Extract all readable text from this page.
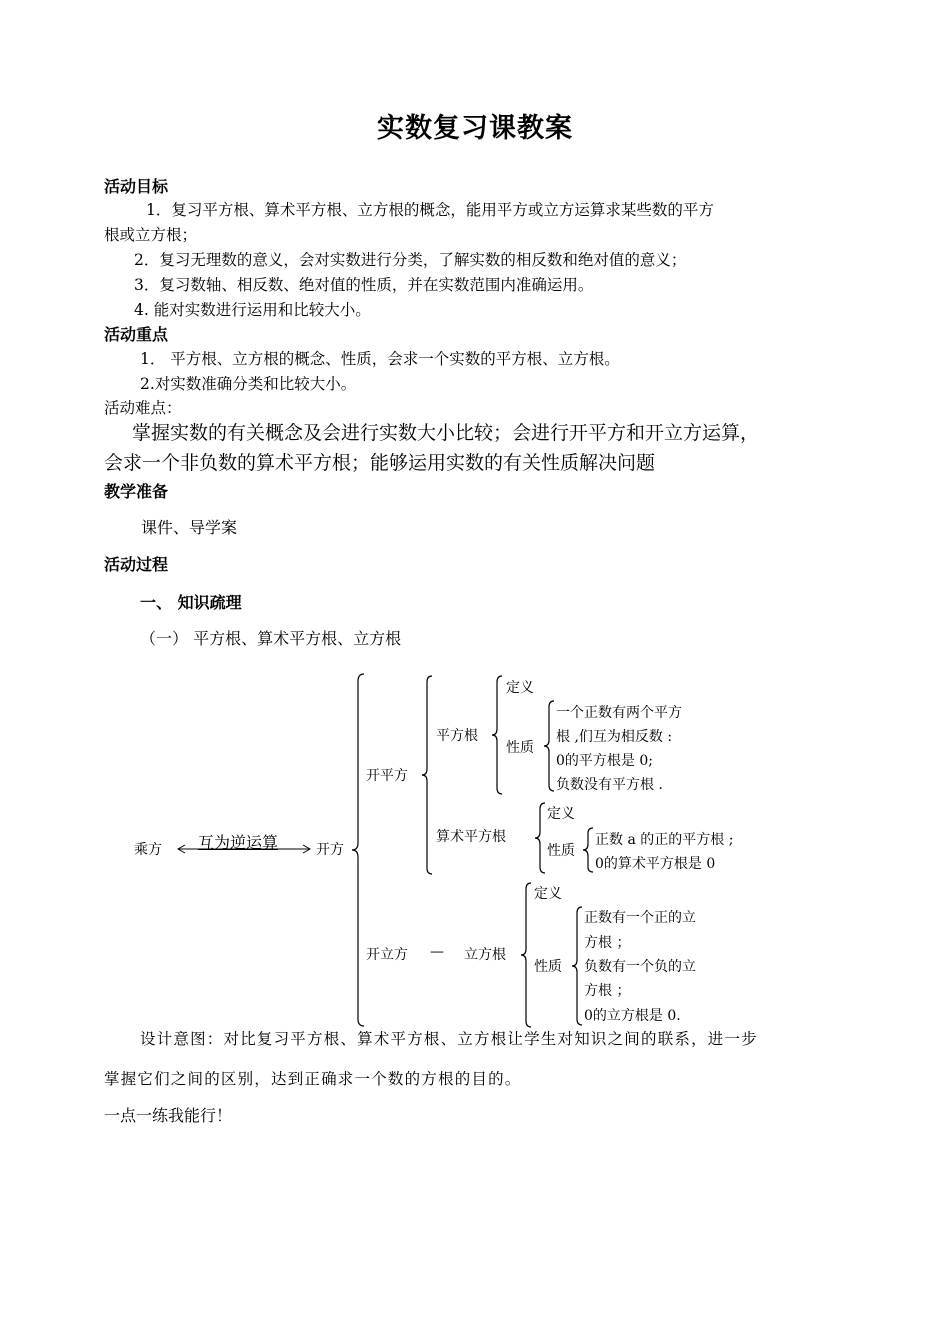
实数复习课教案
活动目标
1．复习平方根、算术平方根、立方根的概念，能用平方或立方运算求某些数的平方
根或立方根；
2．复习无理数的意义，会对实数进行分类，了解实数的相反数和绝对值的意义；
3．复习数轴、相反数、绝对值的性质，并在实数范围内准确运用。
4. 能对实数进行运用和比较大小。
活动重点
1． 平方根、立方根的概念、性质，会求一个实数的平方根、立方根。
2.对实数准确分类和比较大小。
活动难点：
掌握实数的有关概念及会进行实数大小比较；会进行开平方和开立方运算，
会求一个非负数的算术平方根；能够运用实数的有关性质解决问题
教学准备
课件、导学案
活动过程
一、 知识疏理
（一） 平方根、算术平方根、立方根
乘方 互为逆运算	开方
开平方
开立方 — 立方根
平方根
算术平方根
定义
性质
一个正数有两个平方
根 ,们互为相反数 :
0的平方根是 0;
负数没有平方根 .
定义
性质
正数 a 的正的平方根 ;
0的算术平方根是 0
定义
性质
正数有一个正的立
方根 ；
负数有一个负的立
方根 ；
0的立方根是 0.
设计意图：对比复习平方根、算术平方根、立方根让学生对知识之间的联系，进一步
掌握它们之间的区别，达到正确求一个数的方根的目的。
一点一练我能行！
